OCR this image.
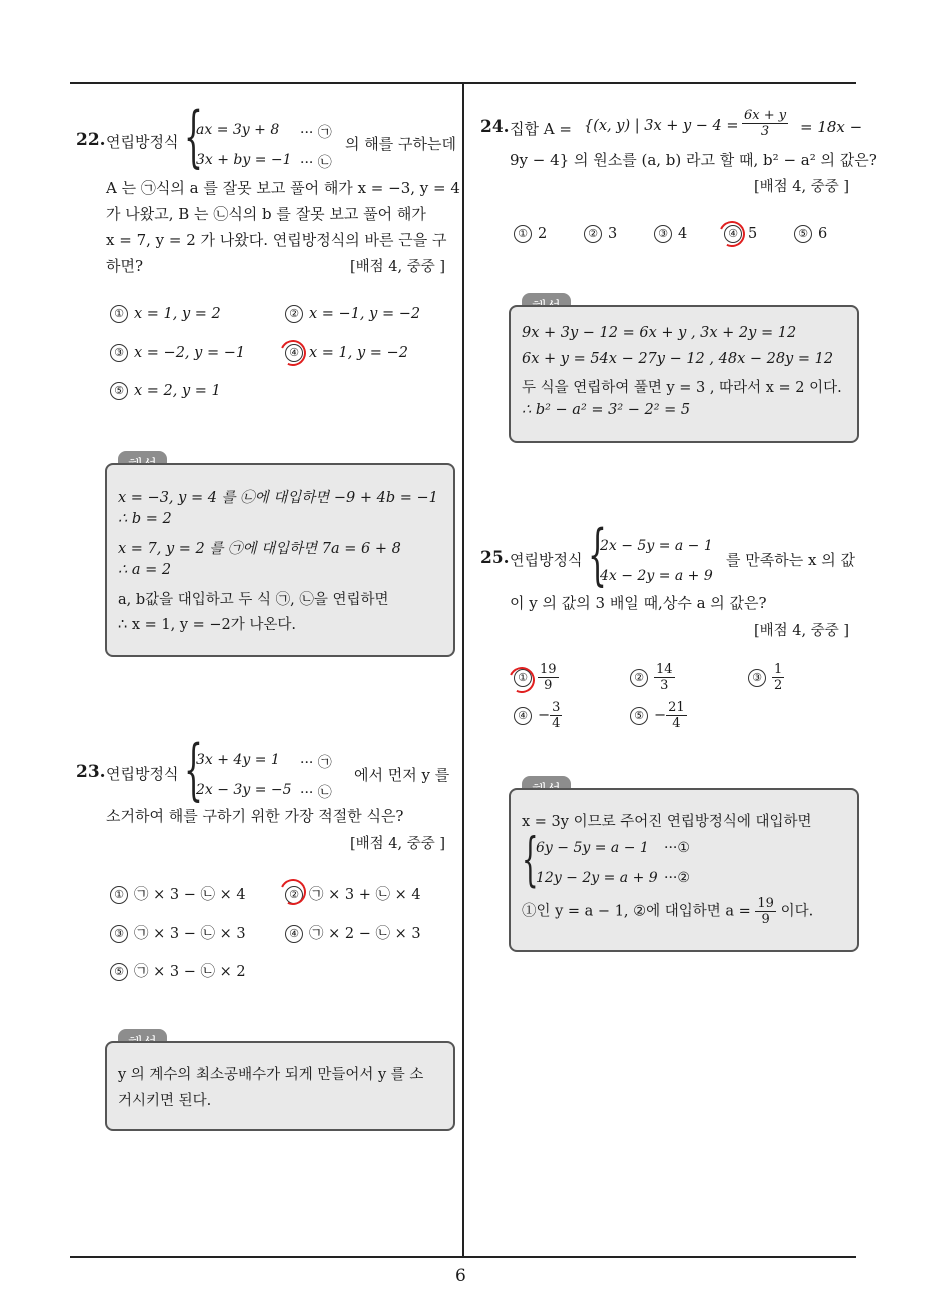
6
22. 연립방정식 {
ax = 3y + 8 ··· ㉠
3x + by = −1 ··· ㉡
의 해를 구하는데
A 는 ㉠식의 a 를 잘못 보고 풀어 해가 x = −3, y = 4
가 나왔고, B 는 ㉡식의 b 를 잘못 보고 풀어 해가
x = 7, y = 2 가 나왔다. 연립방정식의 바른 근을 구
하면?	[배점 4, 중중 ]
① x = 1, y = 2	② x = −1, y = −2
③ x = −2, y = −1	④ x = 1, y = −2
⑤ x = 2, y = 1
x = −3, y = 4 를 ㉡에 대입하면 −9 + 4b = −1
∴ b = 2
x = 7, y = 2 를 ㉠에 대입하면 7a = 6 + 8
∴ a = 2
a, b값을 대입하고 두 식 ㉠, ㉡을 연립하면
∴ x = 1, y = −2가 나온다.
23. 연립방정식 {
3x + 4y = 1 ··· ㉠
2x − 3y = −5 ··· ㉡
에서 먼저 y 를
소거하여 해를 구하기 위한 가장 적절한 식은?
[배점 4, 중중 ]
① ㉠ × 3 − ㉡ × 4	② ㉠ × 3 + ㉡ × 4
③ ㉠ × 3 − ㉡ × 3	④ ㉠ × 2 − ㉡ × 3
⑤ ㉠ × 3 − ㉡ × 2
y 의 계수의 최소공배수가 되게 만들어서 y 를 소
거시키면 된다.
24. 집합 A = {(x, y) | $3x + y - 4 = \frac{6x + y}{3} = 18x$ −
9y − 4} 의 원소를 (a, b) 라고 할 때, b² − a² 의 값은?
[배점 4, 중중 ]
① 2	② 3	③ 4	④ 5	⑤ 6
9x + 3y − 12 = 6x + y , 3x + 2y = 12
6x + y = 54x − 27y − 12 , 48x − 28y = 12
두 식을 연립하여 풀면 y = 3 , 따라서 x = 2 이다.
∴ b² − a² = 3² − 2² = 5
25. 연립방정식 {
2x − 5y = a − 1
4x − 2y = a + 9
를 만족하는 x 의 값
이 y 의 값의 3 배일 때,상수 a 의 값은?
[배점 4, 중중 ]
① $\frac{19}{9}$	② $\frac{14}{3}$	③ $\frac{1}{2}$
④ − $\frac{3}{4}$	⑤ − $\frac{21}{4}$
x = 3y 이므로 주어진 연립방정식에 대입하면
{
6y − 5y = a − 1 ···①
12y − 2y = a + 9 ···②
①인 y = a − 1, ②에 대입하면 $a = \frac{19}{9}$ 이다.
